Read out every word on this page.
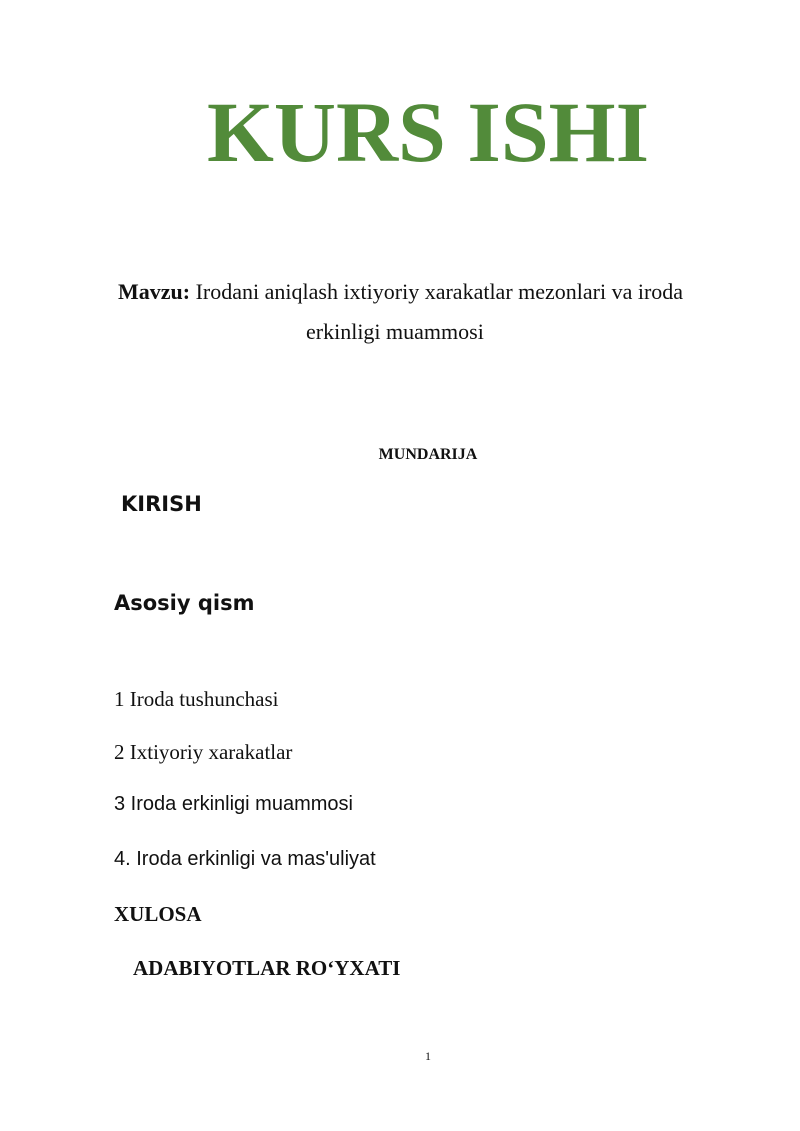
KURS ISHI
Mavzu: Irodani aniqlash ixtiyoriy xarakatlar mezonlari va iroda
erkinligi muammosi
MUNDARIJA
KIRISH
Asosiy qism
1 Iroda tushunchasi
2 Ixtiyoriy xarakatlar
3 Iroda erkinligi muammosi
4. Iroda erkinligi va mas'uliyat
XULOSA
ADABIYOTLAR RO‘YXATI
1
